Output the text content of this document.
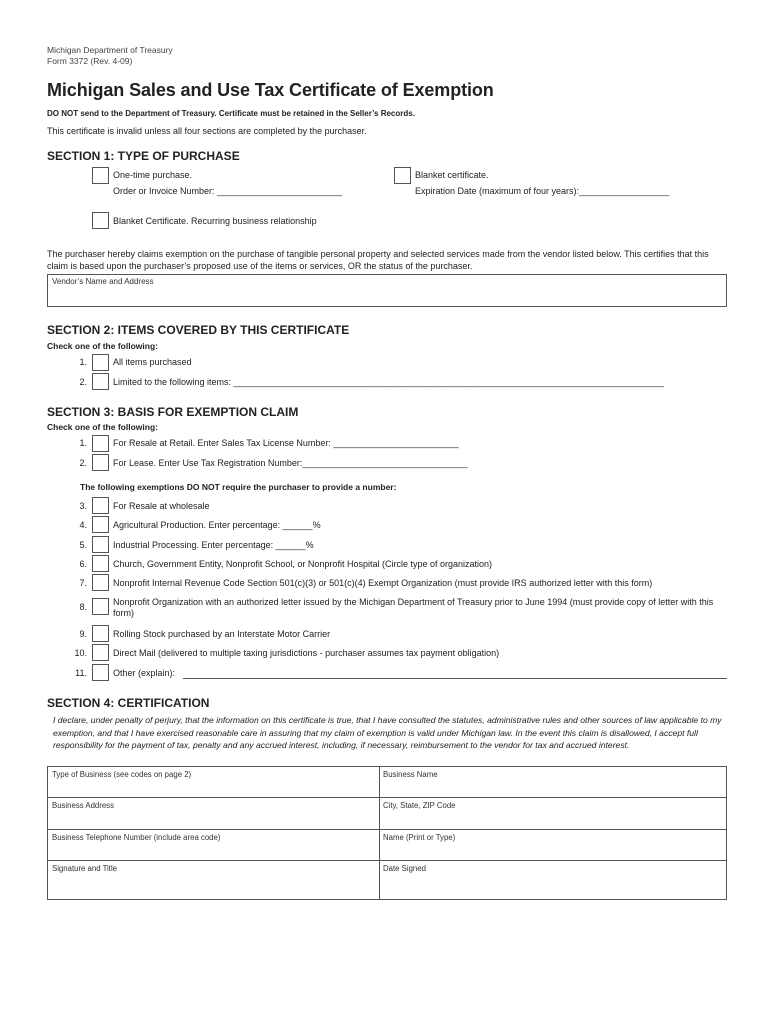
Michigan Department of Treasury
Form 3372 (Rev. 4-09)
Michigan Sales and Use Tax Certificate of Exemption
DO NOT send to the Department of Treasury. Certificate must be retained in the Seller’s Records.
This certificate is invalid unless all four sections are completed by the purchaser.
SECTION 1: TYPE OF PURCHASE
One-time purchase.
Order or Invoice Number: _________________________
Blanket certificate.
Expiration Date (maximum of four years):__________________
Blanket Certificate. Recurring business relationship
The purchaser hereby claims exemption on the purchase of tangible personal property and selected services made from the vendor listed below. This certifies that this claim is based upon the purchaser’s proposed use of the items or services, OR the status of the purchaser.
Vendor’s Name and Address
SECTION 2: ITEMS COVERED BY THIS CERTIFICATE
Check one of the following:
1.	All items purchased
2.	Limited to the following items: ______________________________________________________________________________________
SECTION 3: BASIS FOR EXEMPTION CLAIM
Check one of the following:
1.	For Resale at Retail. Enter Sales Tax License Number: _________________________
2.	For Lease. Enter Use Tax Registration Number:_________________________________
The following exemptions DO NOT require the purchaser to provide a number:
3.	For Resale at wholesale
4.	Agricultural Production. Enter percentage: ______%
5.	Industrial Processing. Enter percentage: ______%
6.	Church, Government Entity, Nonprofit School, or Nonprofit Hospital (Circle type of organization)
7.	Nonprofit Internal Revenue Code Section 501(c)(3) or 501(c)(4) Exempt Organization (must provide IRS authorized letter with this form)
8.	Nonprofit Organization with an authorized letter issued by the Michigan Department of Treasury prior to June 1994 (must provide copy of letter with this form)
9.	Rolling Stock purchased by an Interstate Motor Carrier
10.	Direct Mail (delivered to multiple taxing jurisdictions - purchaser assumes tax payment obligation)
11.	Other (explain):
SECTION 4: CERTIFICATION
I declare, under penalty of perjury, that the information on this certificate is true, that I have consulted the statutes, administrative rules and other sources of law applicable to my exemption, and that I have exercised reasonable care in assuring that my claim of exemption is valid under Michigan law. In the event this claim is disallowed, I accept full responsibility for the payment of tax, penalty and any accrued interest, including, if necessary, reimbursement to the vendor for tax and accrued interest.
Type of Business (see codes on page 2)	Business Name
Business Address	City, State, ZIP Code
Business Telephone Number (include area code)	Name (Print or Type)
Signature and Title	Date Signed
